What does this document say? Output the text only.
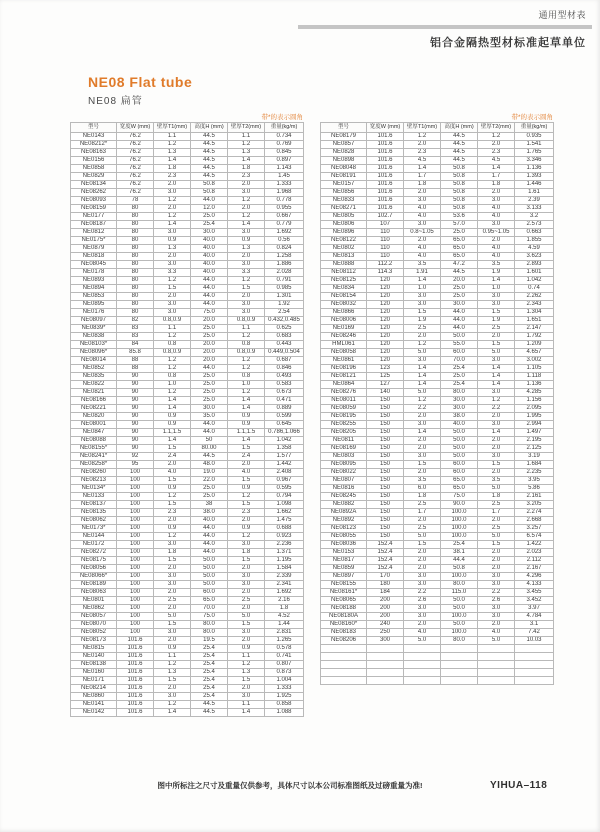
通用型材表
铝合金隔热型材标准起草单位
NE08 Flat tube
NE08 扁管
带*的表示圆角	带*的表示圆角
型号	宽度W (mm)	壁厚T1(mm)	高度H (mm)	壁厚T2(mm)	重量(kg/m)
NE0143	76.2	1.1	44.5	1.1	0.734
NE08212*	76.2	1.2	44.5	1.2	0.769
NE08163	76.2	1.3	44.5	1.3	0.845
NE0156	76.2	1.4	44.5	1.4	0.897
NE0858	76.2	1.8	44.5	1.8	1.143
NE0829	76.2	2.3	44.5	2.3	1.45
NE08134	76.2	2.0	50.8	2.0	1.333
NE08262	76.2	3.0	50.8	3.0	1.968
NE08093	78	1.2	44.0	1.2	0.778
NE08159	80	2.0	12.0	2.0	0.955
NE0177	80	1.2	25.0	1.2	0.667
NE08187	80	1.4	25.4	1.4	0.779
NE0812	80	3.0	30.0	3.0	1.692
NE0175*	80	0.9	40.0	0.9	0.56
NE0879	80	1.3	40.0	1.3	0.824
NE0818	80	2.0	40.0	2.0	1.258
NE08045	80	3.0	40.0	3.0	1.886
NE0178	80	3.3	40.0	3.3	2.028
NE0893	80	1.2	44.0	1.2	0.791
NE0894	80	1.5	44.0	1.5	0.985
NE0853	80	2.0	44.0	2.0	1.301
NE0895	80	3.0	44.0	3.0	1.92
NE0176	80	3.0	75.0	3.0	2.54
NE08097	82	0.8,0.9	20.0	0.8,0.9	0.432,0.485
NE0839*	83	1.1	25.0	1.1	0.625
NE0838	83	1.2	25.0	1.2	0.683
NE08103*	84	0.8	20.0	0.8	0.443
NE08096*	85.8	0.8,0.9	20.0	0.8,0.9	0.449,0.504
NE08014	88	1.2	20.0	1.2	0.687
NE0852	88	1.2	44.0	1.2	0.846
NE0835	90	0.8	25.0	0.8	0.493
NE0822	90	1.0	25.0	1.0	0.583
NE0821	90	1.2	25.0	1.2	0.673
NE08166	90	1.4	25.0	1.4	0.471
NE08221	90	1.4	30.0	1.4	0.889
NE0820	90	0.9	35.0	0.9	0.599
NE08001	90	0.9	44.0	0.9	0.645
NE0847	90	1.1,1.5	44.0	1.1,1.5	0.786,1.066
NE08088	90	1.4	50	1.4	1.042
NE08155*	90	1.5	80.00	1.5	1.358
NE08241*	92	2.4	44.5	2.4	1.577
NE08258*	95	2.0	48.0	2.0	1.442
NE08260	100	4.0	19.0	4.0	2.408
NE08213	100	1.5	22.0	1.5	0.967
NE0134*	100	0.9	25.0	0.9	0.595
NE0133	100	1.2	25.0	1.2	0.794
NE08137	100	1.5	38	1.5	1.098
NE08135	100	2.3	38.0	2.3	1.662
NE08062	100	2.0	40.0	2.0	1.475
NE0173*	100	0.9	44.0	0.9	0.688
NE0144	100	1.2	44.0	1.2	0.923
NE0172	100	3.0	44.0	3.0	2.236
NE08272	100	1.8	44.0	1.8	1.371
NE08175	100	1.5	50.0	1.5	1.195
NE08056	100	2.0	50.0	2.0	1.584
NE08066*	100	3.0	50.0	3.0	2.339
NE08189	100	3.0	50.0	3.0	2.341
NE08063	100	2.0	60.0	2.0	1.692
NE0801	100	2.5	65.0	2.5	2.16
NE0862	100	2.0	70.0	2.0	1.8
NE08057	100	5.0	75.0	5.0	4.52
NE08070	100	1.5	80.0	1.5	1.44
NE08052	100	3.0	80.0	3.0	2.831
NE08173	101.6	2.0	19.5	2.0	1.265
NE0815	101.6	0.9	25.4	0.9	0.578
NE0140	101.6	1.1	25.4	1.1	0.741
NE08138	101.6	1.2	25.4	1.2	0.807
NE0160	101.6	1.3	25.4	1.3	0.873
NE0171	101.6	1.5	25.4	1.5	1.004
NE08214	101.6	2.0	25.4	2.0	1.333
NE0860	101.6	3.0	25.4	3.0	1.925
NE0141	101.6	1.2	44.5	1.1	0.858
NE0142	101.6	1.4	44.5	1.4	1.088
型号	宽度W (mm)	壁厚T1(mm)	高度H (mm)	壁厚T2(mm)	重量(kg/m)
NE08179	101.6	1.2	44.5	1.2	0.935
NE0857	101.6	2.0	44.5	2.0	1.541
NE0828	101.6	2.3	44.5	2.3	1.765
NE0898	101.6	4.5	44.5	4.5	3.346
NE08048	101.6	1.4	50.8	1.4	1.136
NE08191	101.6	1.7	50.8	1.7	1.393
NE0157	101.6	1.8	50.8	1.8	1.446
NE0856	101.6	2.0	50.8	2.0	1.61
NE0833	101.6	3.0	50.8	3.0	2.39
NE08271	101.6	4.0	50.8	4.0	3.133
NE0805	102.7	4.0	53.6	4.0	3.2
NE0806	107	3.0	57.0	3.0	2.573
NE0896	110	0.8~1.05	25.0	0.95~1.05	0.663
NE08122	110	2.0	65.0	2.0	1.855
NE0802	110	4.0	65.0	4.0	4.59
NE0813	110	4.0	65.0	4.0	3.623
NE0888	112.2	3.5	47.2	3.5	2.893
NE08112	114.3	1.91	44.5	1.9	1.601
NE08125	120	1.4	20.0	1.4	1.042
NE0834	120	1.0	25.0	1.0	0.74
NE08154	120	3.0	25.0	3.0	2.262
NE08032	120	3.0	30.0	3.0	2.343
NE0866	120	1.5	44.0	1.5	1.304
NE08006	120	1.9	44.0	1.9	1.651
NE0169	120	2.5	44.0	2.5	2.147
NE08246	120	2.0	50.0	2.0	1.792
HML061	120	1.2	55.0	1.5	1.209
NE08058	120	5.0	60.0	5.0	4.657
NE0861	120	3.0	70.0	3.0	3.002
NE08196	123	1.4	25.4	1.4	1.105
NE08121	125	1.4	25.0	1.4	1.118
NE0864	127	1.4	25.4	1.4	1.136
NE08276	140	5.0	80.0	3.0	4.285
NE08011	150	1.2	30.0	1.2	1.156
NE08059	150	2.2	30.0	2.2	2.095
NE08195	150	2.0	38.0	2.0	1.995
NE08255	150	3.0	40.0	3.0	2.994
NE08205	150	1.4	50.0	1.4	1.497
NE0811	150	2.0	50.0	2.0	2.195
NE08169	150	2.0	50.0	2.0	2.125
NE0803	150	3.0	50.0	3.0	3.19
NE08095	150	1.5	60.0	1.5	1.684
NE08022	150	2.0	60.0	2.0	2.235
NE0807	150	3.5	65.0	3.5	3.95
NE0816	150	6.0	65.0	5.0	5.86
NE08245	150	1.8	75.0	1.8	2.161
NE0882	150	2.5	90.0	2.5	3.205
NE0892A	150	1.7	100.0	1.7	2.274
NE0892	150	2.0	100.0	2.0	2.668
NE08123	150	2.5	100.0	2.5	3.257
NE08055	150	5.0	100.0	5.0	6.574
NE08036	152.4	1.5	25.4	1.5	1.422
NE0153	152.4	2.0	38.1	2.0	2.023
NE0817	152.4	2.0	44.4	2.0	2.112
NE0859	152.4	2.0	50.8	2.0	2.167
NE0897	170	3.0	100.0	3.0	4.296
NE08155	180	3.0	80.0	3.0	4.133
NE08161*	184	2.2	115.0	2.2	3.455
NE08065	200	2.6	50.0	2.6	3.452
NE08188	200	3.0	50.0	3.0	3.97
NE08180A	200	3.0	100.0	3.0	4.784
NE08160*	240	2.0	50.0	2.0	3.1
NE08183	250	4.0	100.0	4.0	7.42
NE08206	300	5.0	80.0	5.0	10.03

图中所标注之尺寸及重量仅供参考，具体尺寸以本公司标准图纸及过磅重量为准!	YIHUA–118
